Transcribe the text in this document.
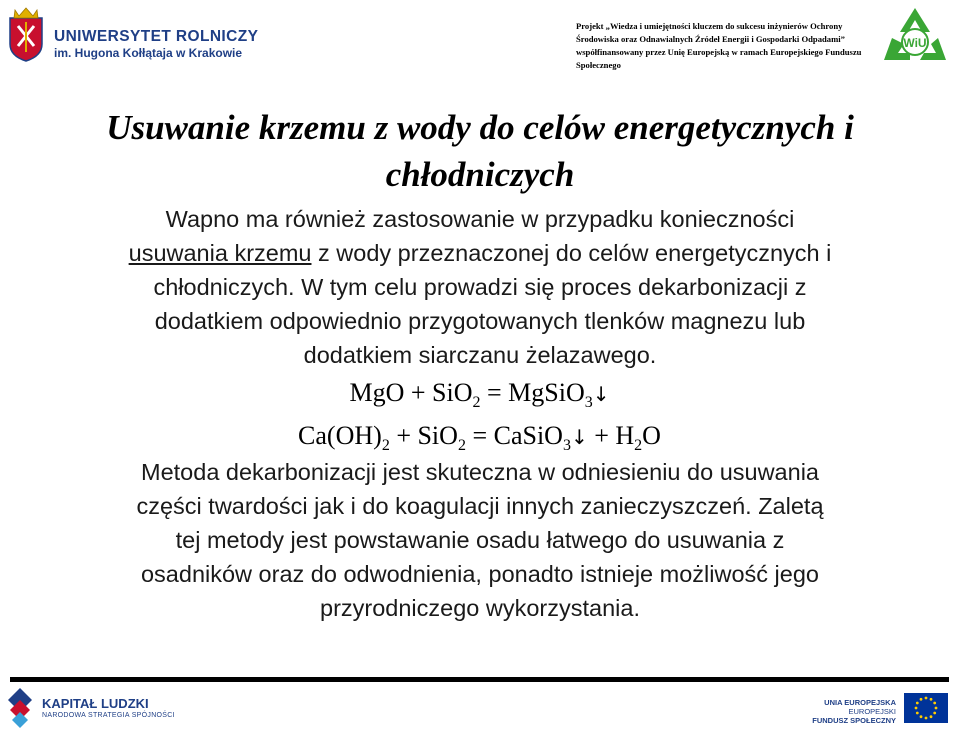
UNIWERSYTET ROLNICZY
im. Hugona Kołłątaja w Krakowie
Projekt „Wiedza i umiejętności kluczem do sukcesu inżynierów Ochrony
Środowiska oraz Odnawialnych Źródeł Energii i Gospodarki Odpadami”
współfinansowany przez Unię Europejską w ramach Europejskiego Funduszu
Społecznego
WiU
Usuwanie krzemu z wody do celów energetycznych i
chłodniczych
Wapno ma również zastosowanie w przypadku konieczności
usuwania krzemu z wody przeznaczonej do celów energetycznych i
chłodniczych. W tym celu prowadzi się proces dekarbonizacji z
dodatkiem odpowiednio przygotowanych tlenków magnezu lub
dodatkiem siarczanu żelazawego.
MgO + SiO$_2$ = MgSiO$_3$↓
$Ca(OH)_2 + SiO_2$ = CaSiO$_3$↓ + $H_2O$
Metoda dekarbonizacji jest skuteczna w odniesieniu do usuwania
części twardości jak i do koagulacji innych zanieczyszczeń. Zaletą
tej metody jest powstawanie osadu łatwego do usuwania z
osadników oraz do odwodnienia, ponadto istnieje możliwość jego
przyrodniczego wykorzystania.
KAPITAŁ LUDZKI
NARODOWA STRATEGIA SPÓJNOŚCI
UNIA EUROPEJSKA
EUROPEJSKI
FUNDUSZ SPOŁECZNY
